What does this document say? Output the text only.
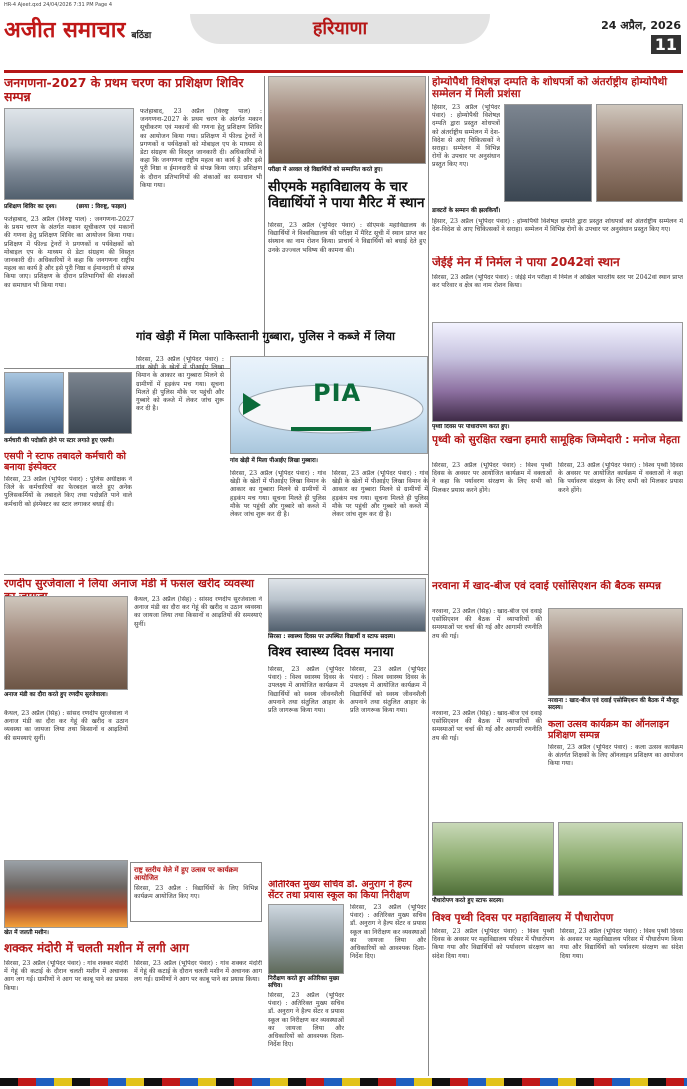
HR-4 Ajeet.qxd 24/04/2026 7:31 PM Page 4
अजीत समाचार बठिंडा	हरियाणा	24 अप्रैल, 2026
11
जनगणना-2027 के प्रथम चरण का प्रशिक्षण शिविर सम्पन्न
प्रशिक्षण शिविर का दृश्य।	(छाया : विरुष्ट्र, फाइल)
फतेहाबाद, 23 अप्रैल (विरुष्ट्र पाल) : जनगणना-2027 के प्रथम चरण के अंतर्गत मकान सूचीकरण एवं मकानों की गणना हेतु प्रशिक्षण शिविर का आयोजन किया गया। प्रशिक्षण में फील्ड ट्रेनरों ने प्रगणकों व पर्यवेक्षकों को मोबाइल एप के माध्यम से डेटा संग्रहण की विस्तृत जानकारी दी। अधिकारियों ने कहा कि जनगणना राष्ट्रीय महत्व का कार्य है और इसे पूरी निष्ठा व ईमानदारी से संपन्न किया जाए। प्रशिक्षण के दौरान प्रतिभागियों की शंकाओं का समाधान भी किया गया।
फतेहाबाद, 23 अप्रैल (विरुष्ट्र पाल) : जनगणना-2027 के प्रथम चरण के अंतर्गत मकान सूचीकरण एवं मकानों की गणना हेतु प्रशिक्षण शिविर का आयोजन किया गया। प्रशिक्षण में फील्ड ट्रेनरों ने प्रगणकों व पर्यवेक्षकों को मोबाइल एप के माध्यम से डेटा संग्रहण की विस्तृत जानकारी दी। अधिकारियों ने कहा कि जनगणना राष्ट्रीय महत्व का कार्य है और इसे पूरी निष्ठा व ईमानदारी से संपन्न किया जाए। प्रशिक्षण के दौरान प्रतिभागियों की शंकाओं का समाधान भी किया गया।
परीक्षा में अव्वल रहे विद्यार्थियों को सम्मानित करते हुए।
सीएमके महाविद्यालय के चार विद्यार्थियों ने पाया मैरिट में स्थान
सिरसा, 23 अप्रैल (भूपिंदर पंवार) : सीएमके महाविद्यालय के विद्यार्थियों ने विश्वविद्यालय की परीक्षा में मैरिट सूची में स्थान प्राप्त कर संस्थान का नाम रोशन किया। प्राचार्य ने विद्यार्थियों को बधाई देते हुए उनके उज्ज्वल भविष्य की कामना की।
होम्योपैथी विशेषज्ञ दम्पति के शोधपत्रों को अंतर्राष्ट्रीय होम्योपैथी सम्मेलन में मिली प्रशंसा
हिसार, 23 अप्रैल (भूपिंदर पंवार) : होम्योपैथी विशेषज्ञ दम्पति द्वारा प्रस्तुत शोधपत्रों को अंतर्राष्ट्रीय सम्मेलन में देश-विदेश से आए चिकित्सकों ने सराहा। सम्मेलन में विभिन्न रोगों के उपचार पर अनुसंधान प्रस्तुत किए गए।
डाक्टरों के सम्मान की झलकियाँ।
हिसार, 23 अप्रैल (भूपिंदर पंवार) : होम्योपैथी विशेषज्ञ दम्पति द्वारा प्रस्तुत शोधपत्रों को अंतर्राष्ट्रीय सम्मेलन में देश-विदेश से आए चिकित्सकों ने सराहा। सम्मेलन में विभिन्न रोगों के उपचार पर अनुसंधान प्रस्तुत किए गए।
जेईई मेन में निर्मल ने पाया 2042वां स्थान
सिरसा, 23 अप्रैल (भूपिंदर पंवार) : जेईई मेन परीक्षा में निर्मल ने अखिल भारतीय स्तर पर 2042वां स्थान प्राप्त कर परिवार व क्षेत्र का नाम रोशन किया।
पृथ्वी दिवस पर पौधारोपण करते हुए।
पृथ्वी को सुरक्षित रखना हमारी सामूहिक जिम्मेदारी : मनोज मेहता
सिरसा, 23 अप्रैल (भूपिंदर पंवार) : विश्व पृथ्वी दिवस के अवसर पर आयोजित कार्यक्रम में वक्ताओं ने कहा कि पर्यावरण संरक्षण के लिए सभी को मिलकर प्रयास करने होंगे।
सिरसा, 23 अप्रैल (भूपिंदर पंवार) : विश्व पृथ्वी दिवस के अवसर पर आयोजित कार्यक्रम में वक्ताओं ने कहा कि पर्यावरण संरक्षण के लिए सभी को मिलकर प्रयास करने होंगे।
कर्मचारी की पदोन्नति होने पर स्टार लगाते हुए एसपी।
एसपी ने स्टाफ तबादले कर्मचारी को बनाया इंस्पेक्टर
सिरसा, 23 अप्रैल (भूपिंदर पंवार) : पुलिस अधीक्षक ने जिले के कर्मचारियों का फेरबदल करते हुए अनेक पुलिसकर्मियों के तबादले किए तथा पदोन्नति पाने वाले कर्मचारी को इंस्पेक्टर का स्टार लगाकर बधाई दी।
गांव खेड़ी में मिला पाकिस्तानी गुब्बारा, पुलिस ने कब्जे में लिया
सिरसा, 23 अप्रैल (भूपिंदर पंवार) : गांव खेड़ी के खेतों में पीआईए लिखा विमान के आकार का गुब्बारा मिलने से ग्रामीणों में हड़कंप मच गया। सूचना मिलते ही पुलिस मौके पर पहुंची और गुब्बारे को कब्जे में लेकर जांच शुरू कर दी है।
PIA
गांव खेड़ी में मिला पीआईए लिखा गुब्बारा।
सिरसा, 23 अप्रैल (भूपिंदर पंवार) : गांव खेड़ी के खेतों में पीआईए लिखा विमान के आकार का गुब्बारा मिलने से ग्रामीणों में हड़कंप मच गया। सूचना मिलते ही पुलिस मौके पर पहुंची और गुब्बारे को कब्जे में लेकर जांच शुरू कर दी है।
सिरसा, 23 अप्रैल (भूपिंदर पंवार) : गांव खेड़ी के खेतों में पीआईए लिखा विमान के आकार का गुब्बारा मिलने से ग्रामीणों में हड़कंप मच गया। सूचना मिलते ही पुलिस मौके पर पहुंची और गुब्बारे को कब्जे में लेकर जांच शुरू कर दी है।
रणदीप सुरजेवाला ने लिया अनाज मंडी में फसल खरीद व्यवस्था
अनाज मंडी का दौरा करते हुए रणदीप सुरजेवाला।
कैथल, 23 अप्रैल (सिंह) : सांसद रणदीप सुरजेवाला ने अनाज मंडी का दौरा कर गेहूं की खरीद व उठान व्यवस्था का जायजा लिया तथा किसानों व आढ़तियों की समस्याएं सुनीं।
कैथल, 23 अप्रैल (सिंह) : सांसद रणदीप सुरजेवाला ने अनाज मंडी का दौरा कर गेहूं की खरीद व उठान व्यवस्था का जायजा लिया तथा किसानों व आढ़तियों की समस्याएं सुनीं।
सिरसा : स्वास्थ्य दिवस पर उपस्थित विद्यार्थी व स्टाफ सदस्य।
विश्व स्वास्थ्य दिवस मनाया
सिरसा, 23 अप्रैल (भूपिंदर पंवार) : विश्व स्वास्थ्य दिवस के उपलक्ष्य में आयोजित कार्यक्रम में विद्यार्थियों को स्वस्थ जीवनशैली अपनाने तथा संतुलित आहार के प्रति जागरूक किया गया।
सिरसा, 23 अप्रैल (भूपिंदर पंवार) : विश्व स्वास्थ्य दिवस के उपलक्ष्य में आयोजित कार्यक्रम में विद्यार्थियों को स्वस्थ जीवनशैली अपनाने तथा संतुलित आहार के प्रति जागरूक किया गया।
नरवाना में खाद-बीज एवं दवाई एसोसिएशन की बैठक सम्पन्न
नरवाना, 23 अप्रैल (सिंह) : खाद-बीज एवं दवाई एसोसिएशन की बैठक में व्यापारियों की समस्याओं पर चर्चा की गई और आगामी रणनीति तय की गई।
नरवाना : खाद-बीज एवं दवाई एसोसिएशन की बैठक में मौजूद सदस्य।
कला उत्सव कार्यक्रम का ऑनलाइन प्रशिक्षण सम्पन्न
नरवाना, 23 अप्रैल (सिंह) : खाद-बीज एवं दवाई एसोसिएशन की बैठक में व्यापारियों की समस्याओं पर चर्चा की गई और आगामी रणनीति तय की गई।
सिरसा, 23 अप्रैल (भूपिंदर पंवार) : कला उत्सव कार्यक्रम के अंतर्गत शिक्षकों के लिए ऑनलाइन प्रशिक्षण का आयोजन किया गया।
खेत में जलती मशीन।
शक्कर मंदोरी में चलती मशीन में लगी आग
सिरसा, 23 अप्रैल (भूपिंदर पंवार) : गांव शक्कर मंदोरी में गेहूं की कटाई के दौरान चलती मशीन में अचानक आग लग गई। ग्रामीणों ने आग पर काबू पाने का प्रयास किया।
सिरसा, 23 अप्रैल (भूपिंदर पंवार) : गांव शक्कर मंदोरी में गेहूं की कटाई के दौरान चलती मशीन में अचानक आग लग गई। ग्रामीणों ने आग पर काबू पाने का प्रयास किया।
राष्ट्र स्तरीय मेले में हुए उत्सव पर कार्यक्रम आयोजित
सिरसा, 23 अप्रैल : विद्यार्थियों के लिए विभिन्न कार्यक्रम आयोजित किए गए।
अतिरिक्त मुख्य सचिव डॉ. अनुराग ने हैल्प सेंटर तथा प्रयास स्कूल का किया निरीक्षण
निरीक्षण करते हुए अतिरिक्त मुख्य सचिव।
सिरसा, 23 अप्रैल (भूपिंदर पंवार) : अतिरिक्त मुख्य सचिव डॉ. अनुराग ने हैल्प सेंटर व प्रयास स्कूल का निरीक्षण कर व्यवस्थाओं का जायजा लिया और अधिकारियों को आवश्यक दिशा-निर्देश दिए।
सिरसा, 23 अप्रैल (भूपिंदर पंवार) : अतिरिक्त मुख्य सचिव डॉ. अनुराग ने हैल्प सेंटर व प्रयास स्कूल का निरीक्षण कर व्यवस्थाओं का जायजा लिया और अधिकारियों को आवश्यक दिशा-निर्देश दिए।
पौधारोपण करते हुए स्टाफ सदस्य।
विश्व पृथ्वी दिवस पर महाविद्यालय में पौधारोपण
सिरसा, 23 अप्रैल (भूपिंदर पंवार) : विश्व पृथ्वी दिवस के अवसर पर महाविद्यालय परिसर में पौधारोपण किया गया और विद्यार्थियों को पर्यावरण संरक्षण का संदेश दिया गया।
सिरसा, 23 अप्रैल (भूपिंदर पंवार) : विश्व पृथ्वी दिवस के अवसर पर महाविद्यालय परिसर में पौधारोपण किया गया और विद्यार्थियों को पर्यावरण संरक्षण का संदेश दिया गया।
